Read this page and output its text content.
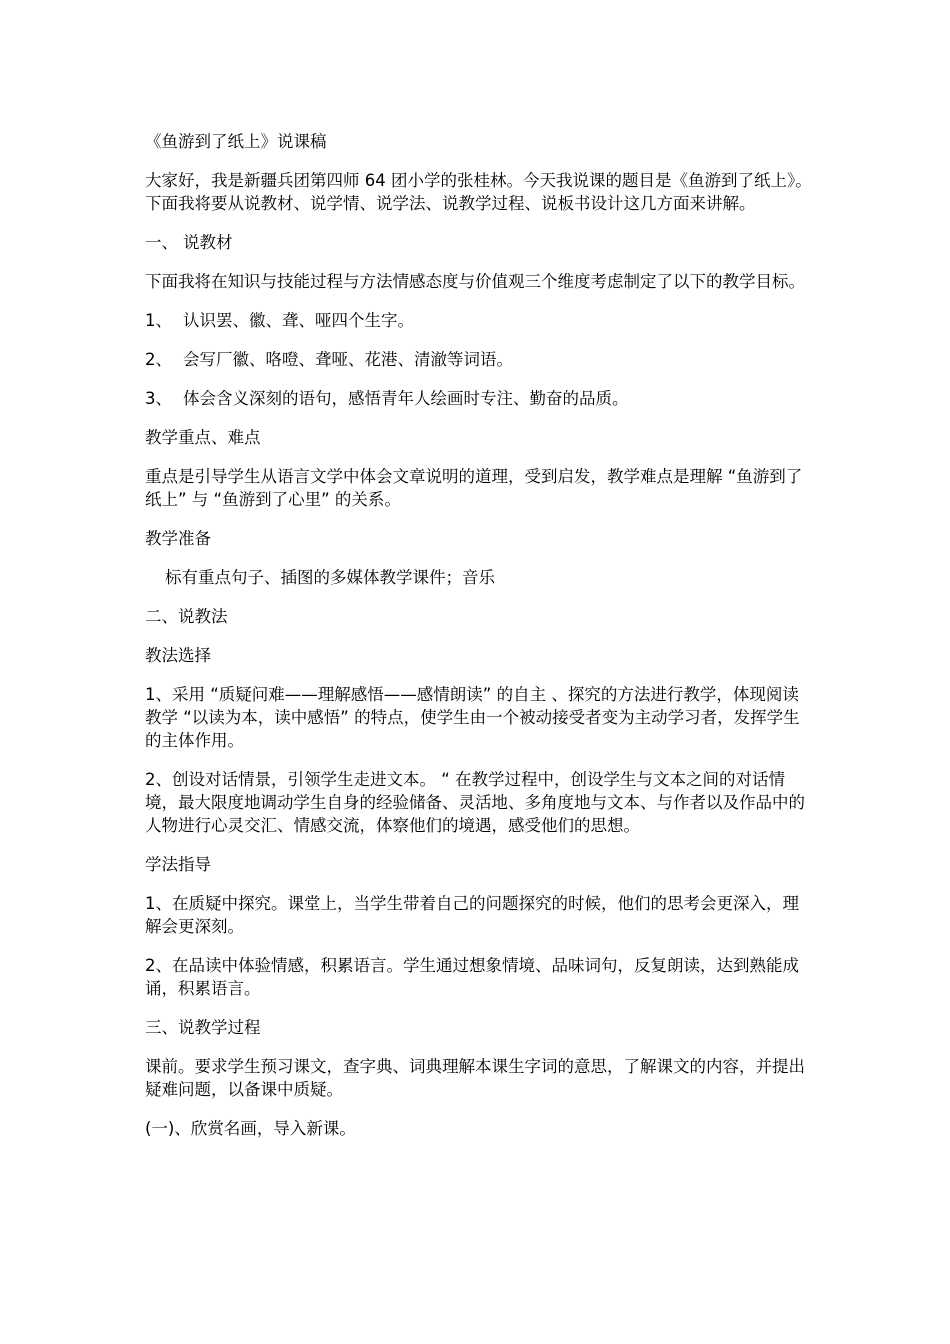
《鱼游到了纸上》说课稿

大家好，我是新疆兵团第四师 64 团小学的张桂林。今天我说课的题目是《鱼游到了纸上》。下面我将要从说教材、说学情、说学法、说教学过程、说板书设计这几方面来讲解。

一、 说教材

下面我将在知识与技能过程与方法情感态度与价值观三个维度考虑制定了以下的教学目标。

1、 认识罢、徽、聋、哑四个生字。
2、 会写厂徽、咯噔、聋哑、花港、清澈等词语。
3、 体会含义深刻的语句，感悟青年人绘画时专注、勤奋的品质。

教学重点、难点

重点是引导学生从语言文学中体会文章说明的道理，受到启发，教学难点是理解 “鱼游到了纸上” 与 “鱼游到了心里” 的关系。

教学准备

标有重点句子、插图的多媒体教学课件；音乐

二、说教法

教法选择

1、采用 “质疑问难——理解感悟——感情朗读” 的自主 、探究的方法进行教学，体现阅读教学 “以读为本，读中感悟” 的特点，使学生由一个被动接受者变为主动学习者，发挥学生的主体作用。

2、创设对话情景，引领学生走进文本。 “ 在教学过程中，创设学生与文本之间的对话情境，最大限度地调动学生自身的经验储备、灵活地、多角度地与文本、与作者以及作品中的人物进行心灵交汇、情感交流，体察他们的境遇，感受他们的思想。

学法指导

1、在质疑中探究。课堂上，当学生带着自己的问题探究的时候，他们的思考会更深入，理解会更深刻。

2、在品读中体验情感，积累语言。学生通过想象情境、品味词句，反复朗读，达到熟能成诵，积累语言。

三、说教学过程

课前。要求学生预习课文，查字典、词典理解本课生字词的意思，了解课文的内容，并提出疑难问题，以备课中质疑。

(一)、欣赏名画，导入新课。
